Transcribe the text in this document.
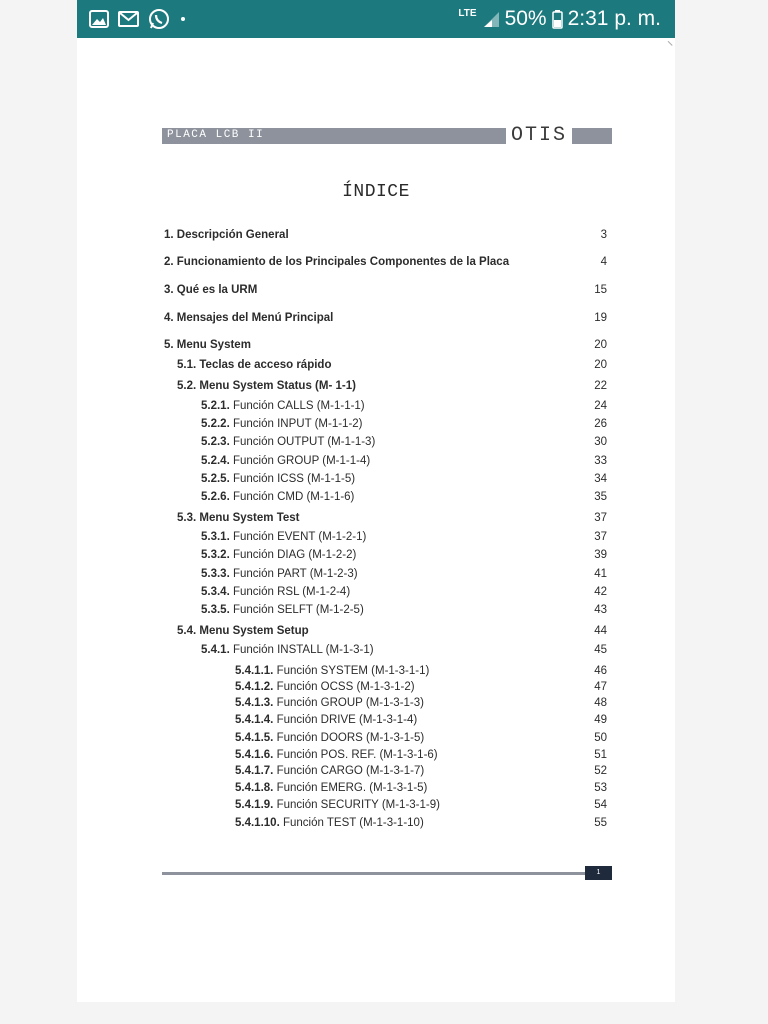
LTE 50% 2:31 p. m.
PLACA LCB II	OTIS
ÍNDICE
1. Descripción General	3
2. Funcionamiento de los Principales Componentes de la Placa	4
3. Qué es la URM	15
4. Mensajes del Menú Principal	19
5. Menu System	20
5.1. Teclas de acceso rápido	20
5.2. Menu System Status (M- 1-1)	22
5.2.1. Función CALLS (M-1-1-1)	24
5.2.2. Función INPUT (M-1-1-2)	26
5.2.3. Función OUTPUT (M-1-1-3)	30
5.2.4. Función GROUP (M-1-1-4)	33
5.2.5. Función ICSS (M-1-1-5)	34
5.2.6. Función CMD (M-1-1-6)	35
5.3. Menu System Test	37
5.3.1. Función EVENT (M-1-2-1)	37
5.3.2. Función DIAG (M-1-2-2)	39
5.3.3. Función PART (M-1-2-3)	41
5.3.4. Función RSL (M-1-2-4)	42
5.3.5. Función SELFT (M-1-2-5)	43
5.4. Menu System Setup	44
5.4.1. Función INSTALL (M-1-3-1)	45
5.4.1.1. Función SYSTEM (M-1-3-1-1)	46
5.4.1.2. Función OCSS (M-1-3-1-2)	47
5.4.1.3. Función GROUP (M-1-3-1-3)	48
5.4.1.4. Función DRIVE (M-1-3-1-4)	49
5.4.1.5. Función DOORS (M-1-3-1-5)	50
5.4.1.6. Función POS. REF. (M-1-3-1-6)	51
5.4.1.7. Función CARGO (M-1-3-1-7)	52
5.4.1.8. Función EMERG. (M-1-3-1-5)	53
5.4.1.9. Función SECURITY (M-1-3-1-9)	54
5.4.1.10. Función TEST (M-1-3-1-10)	55
1
